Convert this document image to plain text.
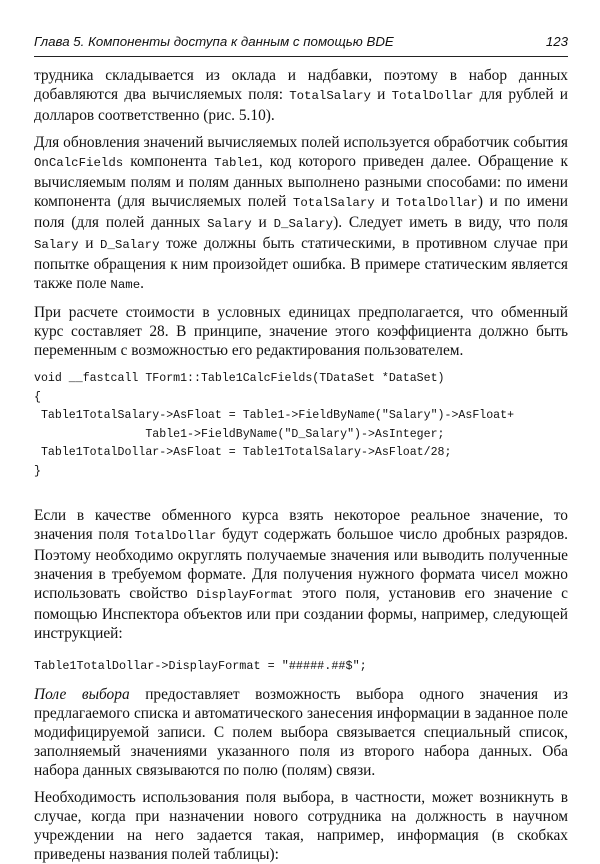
Глава 5. Компоненты доступа к данным с помощью BDE	123

трудника складывается из оклада и надбавки, поэтому в набор данных добавляются два вычисляемых поля: TotalSalary и TotalDollar для рублей и долларов соответственно (рис. 5.10).

Для обновления значений вычисляемых полей используется обработчик события OnCalcFields компонента Table1, код которого приведен далее. Обращение к вычисляемым полям и полям данных выполнено разными способами: по имени компонента (для вычисляемых полей TotalSalary и TotalDollar) и по имени поля (для полей данных Salary и D_Salary). Следует иметь в виду, что поля Salary и D_Salary тоже должны быть статическими, в противном случае при попытке обращения к ним произойдет ошибка. В примере статическим является также поле Name.

При расчете стоимости в условных единицах предполагается, что обменный курс составляет 28. В принципе, значение этого коэффициента должно быть переменным с возможностью его редактирования пользователем.

void __fastcall TForm1::Table1CalcFields(TDataSet *DataSet)
{
Table1TotalSalary->AsFloat = Table1->FieldByName("Salary")->AsFloat+
Table1->FieldByName("D_Salary")->AsInteger;
Table1TotalDollar->AsFloat = Table1TotalSalary->AsFloat/28;
}

Если в качестве обменного курса взять некоторое реальное значение, то значения поля TotalDollar будут содержать большое число дробных разрядов. Поэтому необходимо округлять получаемые значения или выводить полученные значения в требуемом формате. Для получения нужного формата чисел можно использовать свойство DisplayFormat этого поля, установив его значение с помощью Инспектора объектов или при создании формы, например, следующей инструкцией:

Table1TotalDollar->DisplayFormat = "#####.##$";

Поле выбора предоставляет возможность выбора одного значения из предлагаемого списка и автоматического занесения информации в заданное поле модифицируемой записи. С полем выбора связывается специальный список, заполняемый значениями указанного поля из второго набора данных. Оба набора данных связываются по полю (полям) связи.

Необходимость использования поля выбора, в частности, может возникнуть в случае, когда при назначении нового сотрудника на должность в научном учреждении на него задается такая, например, информация (в скобках приведены названия полей таблицы):
